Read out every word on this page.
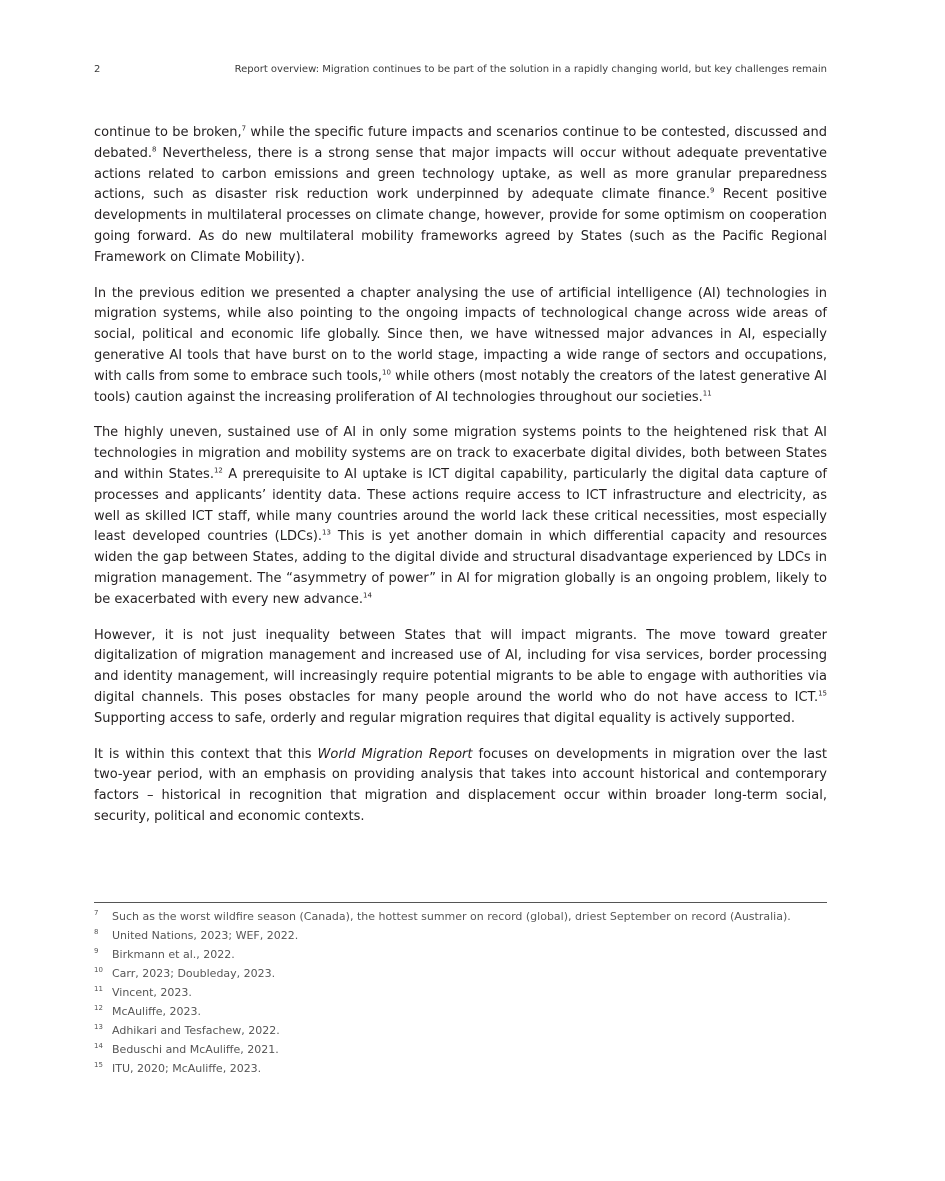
2	Report overview: Migration continues to be part of the solution in a rapidly changing world, but key challenges remain

continue to be broken,$^7$ while the specific future impacts and scenarios continue to be contested, discussed and debated.$^8$ Nevertheless, there is a strong sense that major impacts will occur without adequate preventative actions related to carbon emissions and green technology uptake, as well as more granular preparedness actions, such as disaster risk reduction work underpinned by adequate climate finance.$^9$ Recent positive developments in multilateral processes on climate change, however, provide for some optimism on cooperation going forward. As do new multilateral mobility frameworks agreed by States (such as the Pacific Regional Framework on Climate Mobility).

In the previous edition we presented a chapter analysing the use of artificial intelligence (AI) technologies in migration systems, while also pointing to the ongoing impacts of technological change across wide areas of social, political and economic life globally. Since then, we have witnessed major advances in AI, especially generative AI tools that have burst on to the world stage, impacting a wide range of sectors and occupations, with calls from some to embrace such tools,$^{10}$ while others (most notably the creators of the latest generative AI tools) caution against the increasing proliferation of AI technologies throughout our societies.$^{11}$

The highly uneven, sustained use of AI in only some migration systems points to the heightened risk that AI technologies in migration and mobility systems are on track to exacerbate digital divides, both between States and within States.$^{12}$ A prerequisite to AI uptake is ICT digital capability, particularly the digital data capture of processes and applicants’ identity data. These actions require access to ICT infrastructure and electricity, as well as skilled ICT staff, while many countries around the world lack these critical necessities, most especially least developed countries (LDCs).$^{13}$ This is yet another domain in which differential capacity and resources widen the gap between States, adding to the digital divide and structural disadvantage experienced by LDCs in migration management. The “asymmetry of power” in AI for migration globally is an ongoing problem, likely to be exacerbated with every new advance.$^{14}$

However, it is not just inequality between States that will impact migrants. The move toward greater digitalization of migration management and increased use of AI, including for visa services, border processing and identity management, will increasingly require potential migrants to be able to engage with authorities via digital channels. This poses obstacles for many people around the world who do not have access to ICT.$^{15}$ Supporting access to safe, orderly and regular migration requires that digital equality is actively supported.

It is within this context that this World Migration Report focuses on developments in migration over the last two-year period, with an emphasis on providing analysis that takes into account historical and contemporary factors – historical in recognition that migration and displacement occur within broader long-term social, security, political and economic contexts.

7 Such as the worst wildfire season (Canada), the hottest summer on record (global), driest September on record (Australia).
8 United Nations, 2023; WEF, 2022.
9 Birkmann et al., 2022.
10 Carr, 2023; Doubleday, 2023.
11 Vincent, 2023.
12 McAuliffe, 2023.
13 Adhikari and Tesfachew, 2022.
14 Beduschi and McAuliffe, 2021.
15 ITU, 2020; McAuliffe, 2023.
